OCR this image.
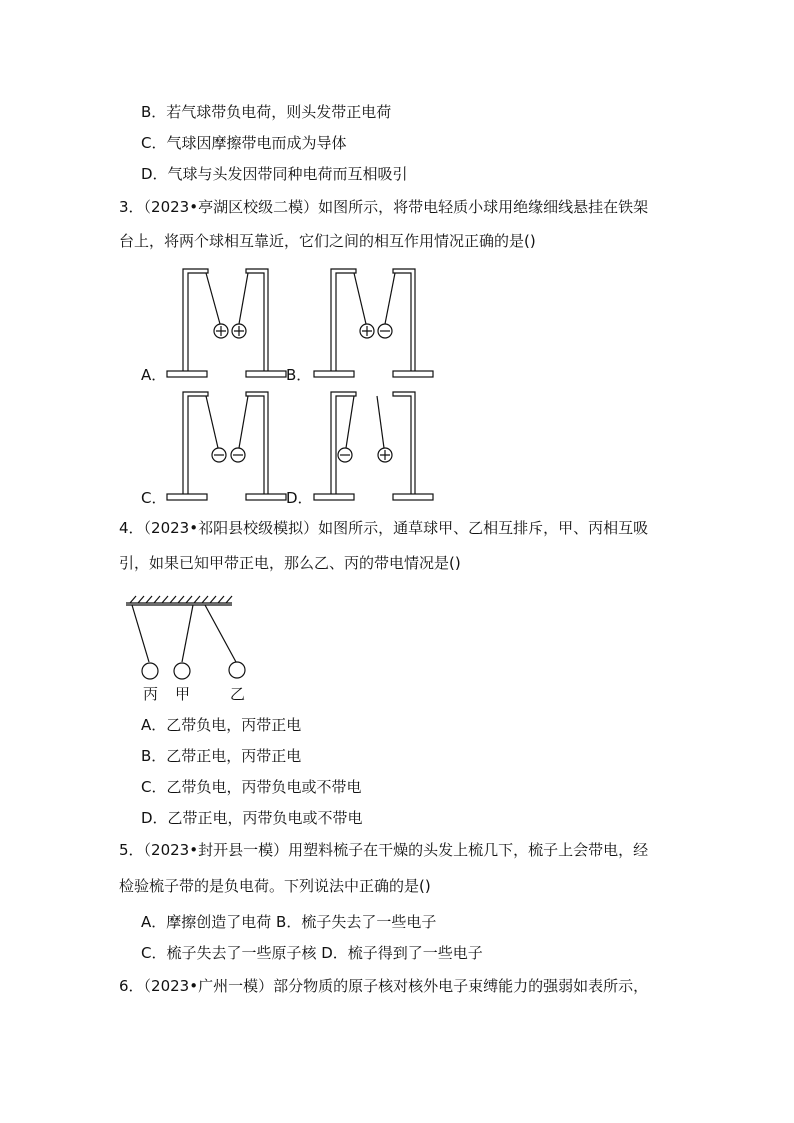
B．若气球带负电荷，则头发带正电荷
C．气球因摩擦带电而成为导体
D．气球与头发因带同种电荷而互相吸引
3．（2023•亭湖区校级二模）如图所示，将带电轻质小球用绝缘细线悬挂在铁架
台上，将两个球相互靠近，它们之间的相互作用情况正确的是()
A．	B．
C．	D．
4．（2023•祁阳县校级模拟）如图所示，通草球甲、乙相互排斥，甲、丙相互吸
引，如果已知甲带正电，那么乙、丙的带电情况是()
丙 甲	乙
A．乙带负电，丙带正电
B．乙带正电，丙带正电
C．乙带负电，丙带负电或不带电
D．乙带正电，丙带负电或不带电
5．（2023•封开县一模）用塑料梳子在干燥的头发上梳几下，梳子上会带电，经
检验梳子带的是负电荷。下列说法中正确的是()
A．摩擦创造了电荷 B．梳子失去了一些电子
C．梳子失去了一些原子核 D．梳子得到了一些电子
6．（2023•广州一模）部分物质的原子核对核外电子束缚能力的强弱如表所示，
